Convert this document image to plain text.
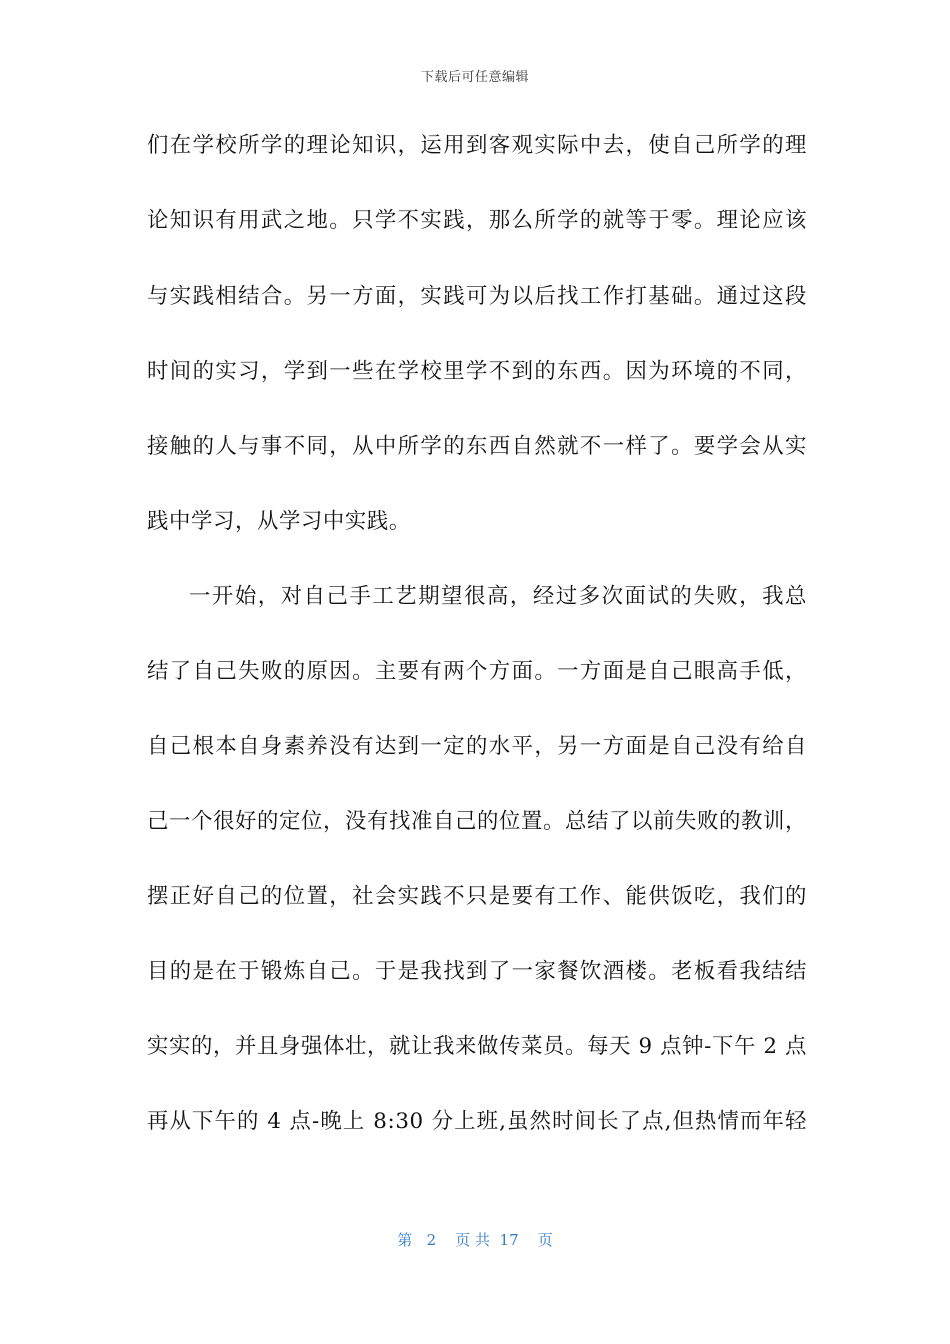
下载后可任意编辑
们在学校所学的理论知识，运用到客观实际中去，使自己所学的理
论知识有用武之地。只学不实践，那么所学的就等于零。理论应该
与实践相结合。另一方面，实践可为以后找工作打基础。通过这段
时间的实习，学到一些在学校里学不到的东西。因为环境的不同，
接触的人与事不同，从中所学的东西自然就不一样了。要学会从实
践中学习，从学习中实践。
一开始，对自己手工艺期望很高，经过多次面试的失败，我总
结了自己失败的原因。主要有两个方面。一方面是自己眼高手低，
自己根本自身素养没有达到一定的水平，另一方面是自己没有给自
己一个很好的定位，没有找准自己的位置。总结了以前失败的教训，
摆正好自己的位置，社会实践不只是要有工作、能供饭吃，我们的
目的是在于锻炼自己。于是我找到了一家餐饮酒楼。老板看我结结
实实的，并且身强体壮，就让我来做传菜员。每天 9 点钟-下午 2 点
再从下午的 4 点-晚上 8:30 分上班,虽然时间长了点,但热情而年轻
第 2 页 共 17 页
